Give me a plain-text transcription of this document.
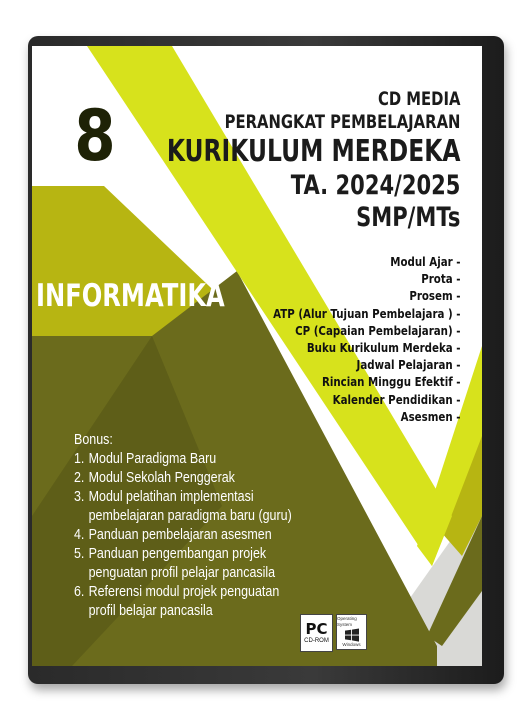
8	CD MEDIA
PERANGKAT PEMBELAJARAN
KURIKULUM MERDEKA
TA. 2024/2025
SMP/MTs
Modul Ajar -
Prota -
Prosem -
ATP (Alur Tujuan Pembelajara ) -
CP (Capaian Pembelajaran) -
Buku Kurikulum Merdeka -
Jadwal Pelajaran -
Rincian Minggu Efektif -
Kalender Pendidikan -
Asesmen -
INFORMATIKA
Bonus:
1. Modul Paradigma Baru
2. Modul Sekolah Penggerak
3. Modul pelatihan implementasi
pembelajaran paradigma baru (guru)
4. Panduan pembelajaran asesmen
5. Panduan pengembangan projek
penguatan profil pelajar pancasila
6. Referensi modul projek penguatan
profil belajar pancasila
PC
CD-ROM
Operating System
Windows
